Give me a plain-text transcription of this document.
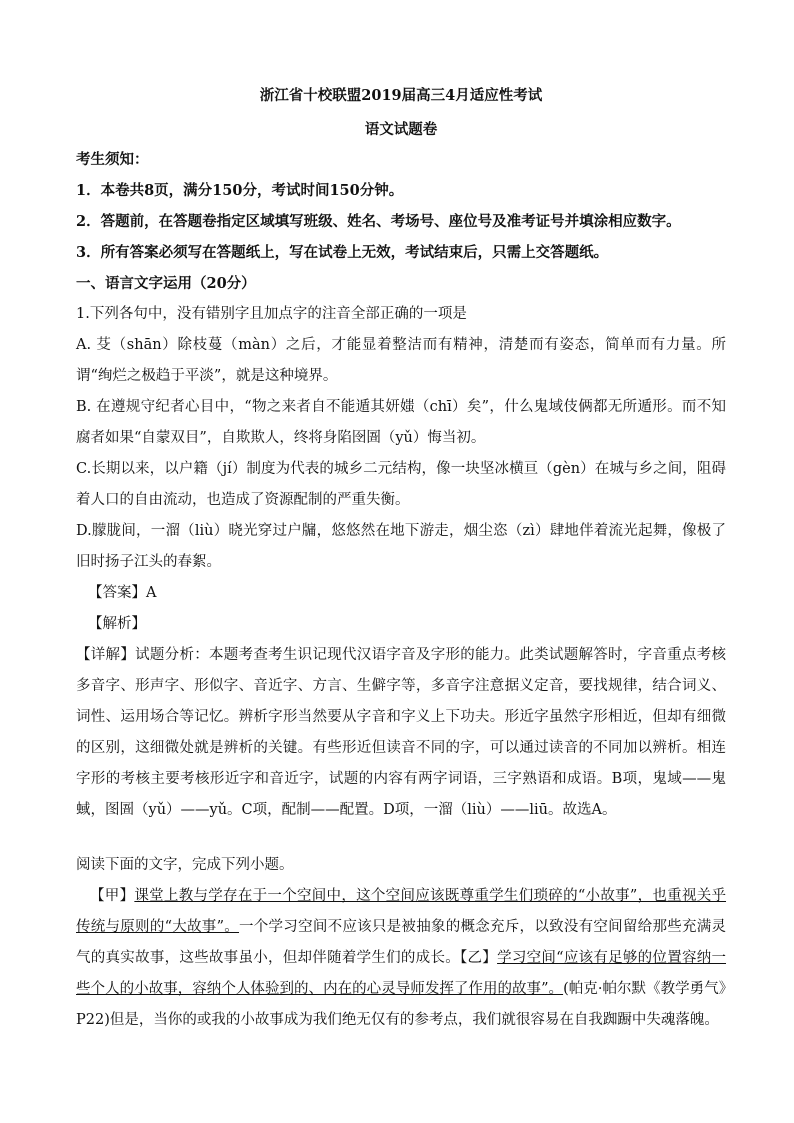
浙江省十校联盟2019届高三4月适应性考试
语文试题卷
考生须知：
1．本卷共8页，满分150分，考试时间150分钟。
2．答题前，在答题卷指定区域填写班级、姓名、考场号、座位号及准考证号并填涂相应数字。
3．所有答案必须写在答题纸上，写在试卷上无效，考试结束后，只需上交答题纸。
一、语言文字运用（20分）
1.下列各句中，没有错别字且加点字的注音全部正确的一项是
A. 芟（shān）除枝蔓（màn）之后，才能显着整洁而有精神，清楚而有姿态，简单而有力量。所谓“绚烂之极趋于平淡”，就是这种境界。
B. 在遵规守纪者心目中，“物之来者自不能遁其妍媸（chī）矣”，什么鬼域伎俩都无所遁形。而不知腐者如果“自蒙双目”，自欺欺人，终将身陷囹圄（yǔ）悔当初。
C.长期以来，以户籍（jí）制度为代表的城乡二元结构，像一块坚冰横亘（gèn）在城与乡之间，阻碍着人口的自由流动，也造成了资源配制的严重失衡。
D.朦胧间，一溜（liù）晓光穿过户牖，悠悠然在地下游走，烟尘恣（zì）肆地伴着流光起舞，像极了旧时扬子江头的春絮。
【答案】A
【解析】
【详解】试题分析：本题考查考生识记现代汉语字音及字形的能力。此类试题解答时，字音重点考核多音字、形声字、形似字、音近字、方言、生僻字等，多音字注意据义定音，要找规律，结合词义、词性、运用场合等记忆。辨析字形当然要从字音和字义上下功夫。形近字虽然字形相近，但却有细微的区别，这细微处就是辨析的关键。有些形近但读音不同的字，可以通过读音的不同加以辨析。相连字形的考核主要考核形近字和音近字，试题的内容有两字词语，三字熟语和成语。B项，鬼域——鬼蜮，图圄（yǔ）——yǔ。C项，配制——配置。D项，一溜（liù）——liū。故选A。
阅读下面的文字，完成下列小题。
【甲】课堂上教与学存在于一个空间中，这个空间应该既尊重学生们琐碎的“小故事”，也重视关乎传统与原则的“大故事”。一个学习空间不应该只是被抽象的概念充斥，以致没有空间留给那些充满灵气的真实故事，这些故事虽小，但却伴随着学生们的成长。【乙】学习空间“应该有足够的位置容纳一些个人的小故事，容纳个人体验到的、内在的心灵导师发挥了作用的故事”。(帕克·帕尔默《教学勇气》P22)但是，当你的或我的小故事成为我们绝无仅有的参考点，我们就很容易在自我踟蹰中失魂落魄。
